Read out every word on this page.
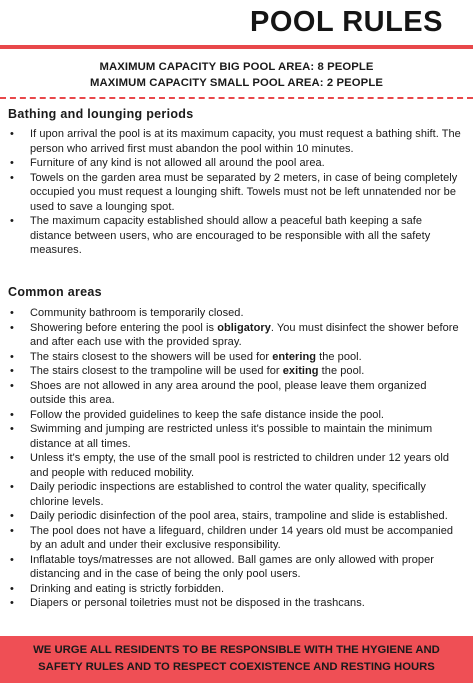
POOL RULES
MAXIMUM CAPACITY BIG POOL AREA: 8 PEOPLE
MAXIMUM CAPACITY SMALL POOL AREA: 2 PEOPLE
Bathing and lounging periods
• If upon arrival the pool is at its maximum capacity, you must request a bathing shift. The person who arrived first must abandon the pool within 10 minutes.
• Furniture of any kind is not allowed all around the pool area.
• Towels on the garden area must be separated by 2 meters, in case of being completely occupied you must request a lounging shift. Towels must not be left unnatended nor be used to save a lounging spot.
• The maximum capacity established should allow a peaceful bath keeping a safe distance between users, who are encouraged to be responsible with all the safety measures.
Common areas
• Community bathroom is temporarily closed.
• Showering before entering the pool is obligatory. You must disinfect the shower before and after each use with the provided spray.
• The stairs closest to the showers will be used for entering the pool.
• The stairs closest to the trampoline will be used for exiting the pool.
• Shoes are not allowed in any area around the pool, please leave them organized outside this area.
• Follow the provided guidelines to keep the safe distance inside the pool.
• Swimming and jumping are restricted unless it's possible to maintain the minimum distance at all times.
• Unless it's empty, the use of the small pool is restricted to children under 12 years old and people with reduced mobility.
• Daily periodic inspections are established to control the water quality, specifically chlorine levels.
• Daily periodic disinfection of the pool area, stairs, trampoline and slide is established.
• The pool does not have a lifeguard, children under 14 years old must be accompanied by an adult and under their exclusive responsibility.
• Inflatable toys/matresses are not allowed. Ball games are only allowed with proper distancing and in the case of being the only pool users.
• Drinking and eating is strictly forbidden.
• Diapers or personal toiletries must not be disposed in the trashcans.
WE URGE ALL RESIDENTS TO BE RESPONSIBLE WITH THE HYGIENE AND
SAFETY RULES AND TO RESPECT COEXISTENCE AND RESTING HOURS
